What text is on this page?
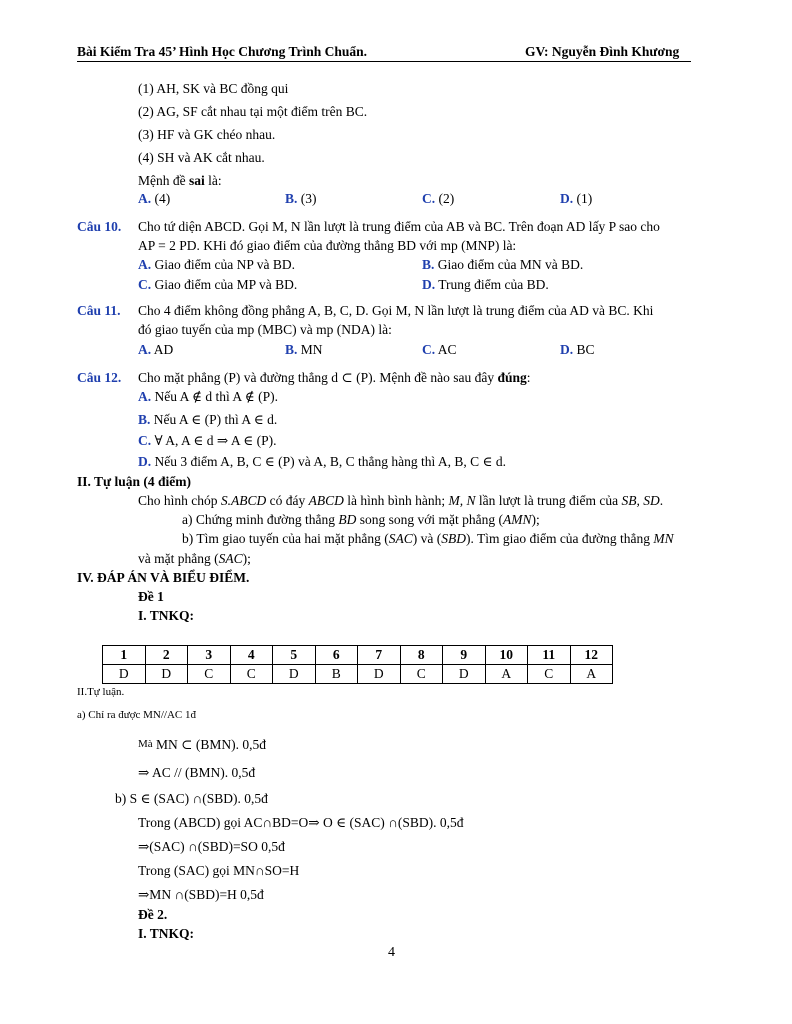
Bài Kiểm Tra 45’ Hình Học Chương Trình Chuẩn.	GV: Nguyễn Đình Khương
(1) AH, SK và BC đồng qui
(2) AG, SF cắt nhau tại một điểm trên BC.
(3) HF và GK chéo nhau.
(4) SH và AK cắt nhau.
Mệnh đề sai là:
A. (4)	B. (3)	C. (2)	D. (1)
Câu 10. Cho tứ diện ABCD. Gọi M, N lần lượt là trung điểm của AB và BC. Trên đoạn AD lấy P sao cho
AP = 2 PD. KHi đó giao điểm của đường thẳng BD với mp (MNP) là:
A. Giao điểm của NP và BD.	B. Giao điểm của MN và BD.
C. Giao điểm của MP và BD.	D. Trung điểm của BD.
Câu 11. Cho 4 điểm không đồng phẳng A, B, C, D. Gọi M, N lần lượt là trung điểm của AD và BC. Khi
đó giao tuyến của mp (MBC) và mp (NDA) là:
A. AD	B. MN	C. AC	D. BC
Câu 12. Cho mặt phẳng (P) và đường thẳng d ⊂ (P). Mệnh đề nào sau đây đúng:
A. Nếu A ∉ d thì A ∉ (P).
B. Nếu A ∈ (P) thì A ∈ d.
C. ∀ A, A ∈ d ⇒ A ∈ (P).
D. Nếu 3 điểm A, B, C ∈ (P) và A, B, C thẳng hàng thì A, B, C ∈ d.
II. Tự luận (4 điểm)
Cho hình chóp S.ABCD có đáy ABCD là hình bình hành; M, N lần lượt là trung điểm của SB, SD.
a) Chứng minh đường thẳng BD song song với mặt phẳng (AMN);
b) Tìm giao tuyến của hai mặt phẳng (SAC) và (SBD). Tìm giao điểm của đường thẳng MN
và mặt phẳng (SAC);
IV. ĐÁP ÁN VÀ BIỂU ĐIỂM.
Đề 1
I. TNKQ:
1	2	3	4	5	6	7	8	9	10	11	12
D	D	C	C	D	B	D	C	D	A	C	A
II.Tự luận.
a) Chỉ ra được MN//AC 1đ
$^{Mà}$ MN ⊂ (BMN). 0,5đ
⇒ AC // (BMN). 0,5đ
b) S ∈ (SAC) ∩(SBD). 0,5đ
Trong (ABCD) gọi AC∩BD=O⇒ O ∈ (SAC) ∩(SBD). 0,5đ
⇒(SAC) ∩(SBD)=SO 0,5đ
Trong (SAC) gọi MN∩SO=H
⇒MN ∩(SBD)=H 0,5đ
Đề 2.
I. TNKQ:
4
